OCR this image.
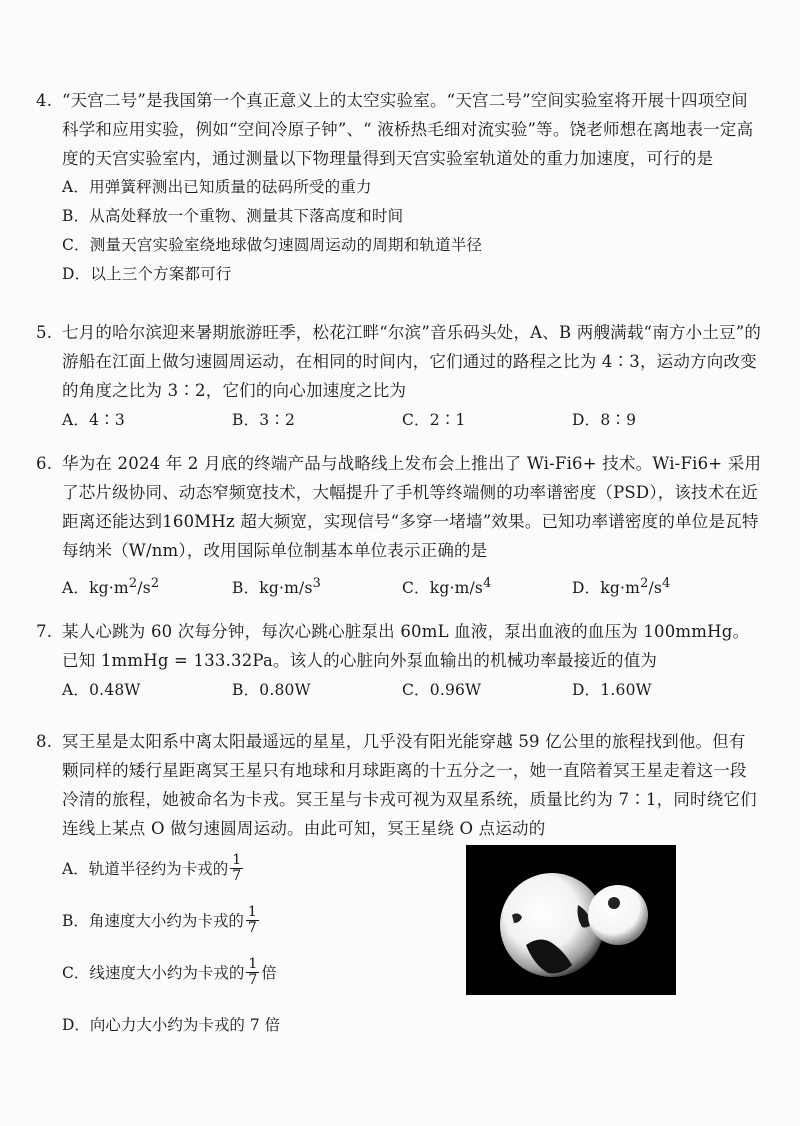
4. “天宫二号”是我国第一个真正意义上的太空实验室。“天宫二号”空间实验室将开展十四项空间科学和应用实验，例如“空间冷原子钟”、“ 液桥热毛细对流实验”等。饶老师想在离地表一定高度的天宫实验室内，通过测量以下物理量得到天宫实验室轨道处的重力加速度，可行的是
A．用弹簧秤测出已知质量的砝码所受的重力
B．从高处释放一个重物、测量其下落高度和时间
C．测量天宫实验室绕地球做匀速圆周运动的周期和轨道半径
D．以上三个方案都可行
5. 七月的哈尔滨迎来暑期旅游旺季，松花江畔“尔滨”音乐码头处，A、B 两艘满载“南方小土豆”的游船在江面上做匀速圆周运动，在相同的时间内，它们通过的路程之比为 4∶3，运动方向改变的角度之比为 3∶2，它们的向心加速度之比为
A．4∶3	B．3∶2	C．2∶1	D．8∶9
6. 华为在 2024 年 2 月底的终端产品与战略线上发布会上推出了 Wi-Fi6+ 技术。Wi-Fi6+ 采用了芯片级协同、动态窄频宽技术，大幅提升了手机等终端侧的功率谱密度（PSD），该技术在近距离还能达到160MHz 超大频宽，实现信号“多穿一堵墙”效果。已知功率谱密度的单位是瓦特每纳米（W/nm），改用国际单位制基本单位表示正确的是
A．$kg\cdot m^2/s^2$	B．$kg\cdot m/s^3$	C．$kg\cdot m/s^4$	D．$kg\cdot m^2/s^4$
7. 某人心跳为 60 次每分钟，每次心跳心脏泵出 60mL 血液，泵出血液的血压为 100mmHg。已知 1mmHg = 133.32Pa。该人的心脏向外泵血输出的机械功率最接近的值为
A．0.48W	B．0.80W	C．0.96W	D．1.60W
8. 冥王星是太阳系中离太阳最遥远的星星，几乎没有阳光能穿越 59 亿公里的旅程找到他。但有颗同样的矮行星距离冥王星只有地球和月球距离的十五分之一，她一直陪着冥王星走着这一段冷清的旅程，她被命名为卡戎。冥王星与卡戎可视为双星系统，质量比约为 7∶1，同时绕它们连线上某点 O 做匀速圆周运动。由此可知，冥王星绕 O 点运动的
A．轨道半径约为卡戎的 $\frac{1}{7}$
B．角速度大小约为卡戎的 $\frac{1}{7}$
C．线速度大小约为卡戎的 $\frac{1}{7}$ 倍
D．向心力大小约为卡戎的 7 倍
